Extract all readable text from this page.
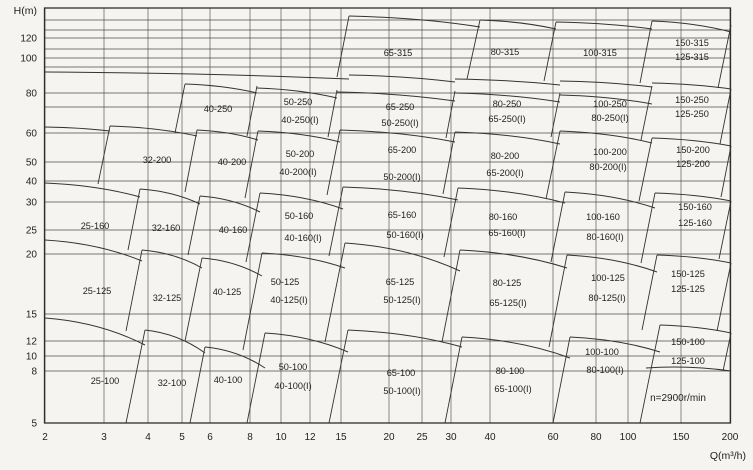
65-315	80-315	100-315
150-315
125-315
40-250
50-250
40-250(I)
65-250
50-250(I)
80-250
65-250(I)
100-250
80-250(I)
150-250
125-250
32-200	40-200
50-200
40-200(I)
65-200
50-200(I)
80-200
65-200(I)
100-200
80-200(I)
150-200
125-200
25-160	32-160	40-160
50-160
40-160(I)
65-160
50-160(I)
80-160
65-160(I)
100-160
80-160(I)
150-160
125-160
25-125
32-125
40-125
50-125
40-125(I)
65-125
50-125(I)
80-125
65-125(I)
100-125
80-125(I)
150-125
125-125
25-100	32-100	40-100
50-100
40-100(I)
65-100
50-100(I)
80-100
65-100(I)
100-100
80-100(I)
150-100
125-100
2	3	4	5 6	8 10 12 15	20 25 30	40	60	80 100	150	200
120
100
80
60
50
40
30
25
20
15
12
10
8
5
H(m)
Q(m³/h)
n=2900r/min
